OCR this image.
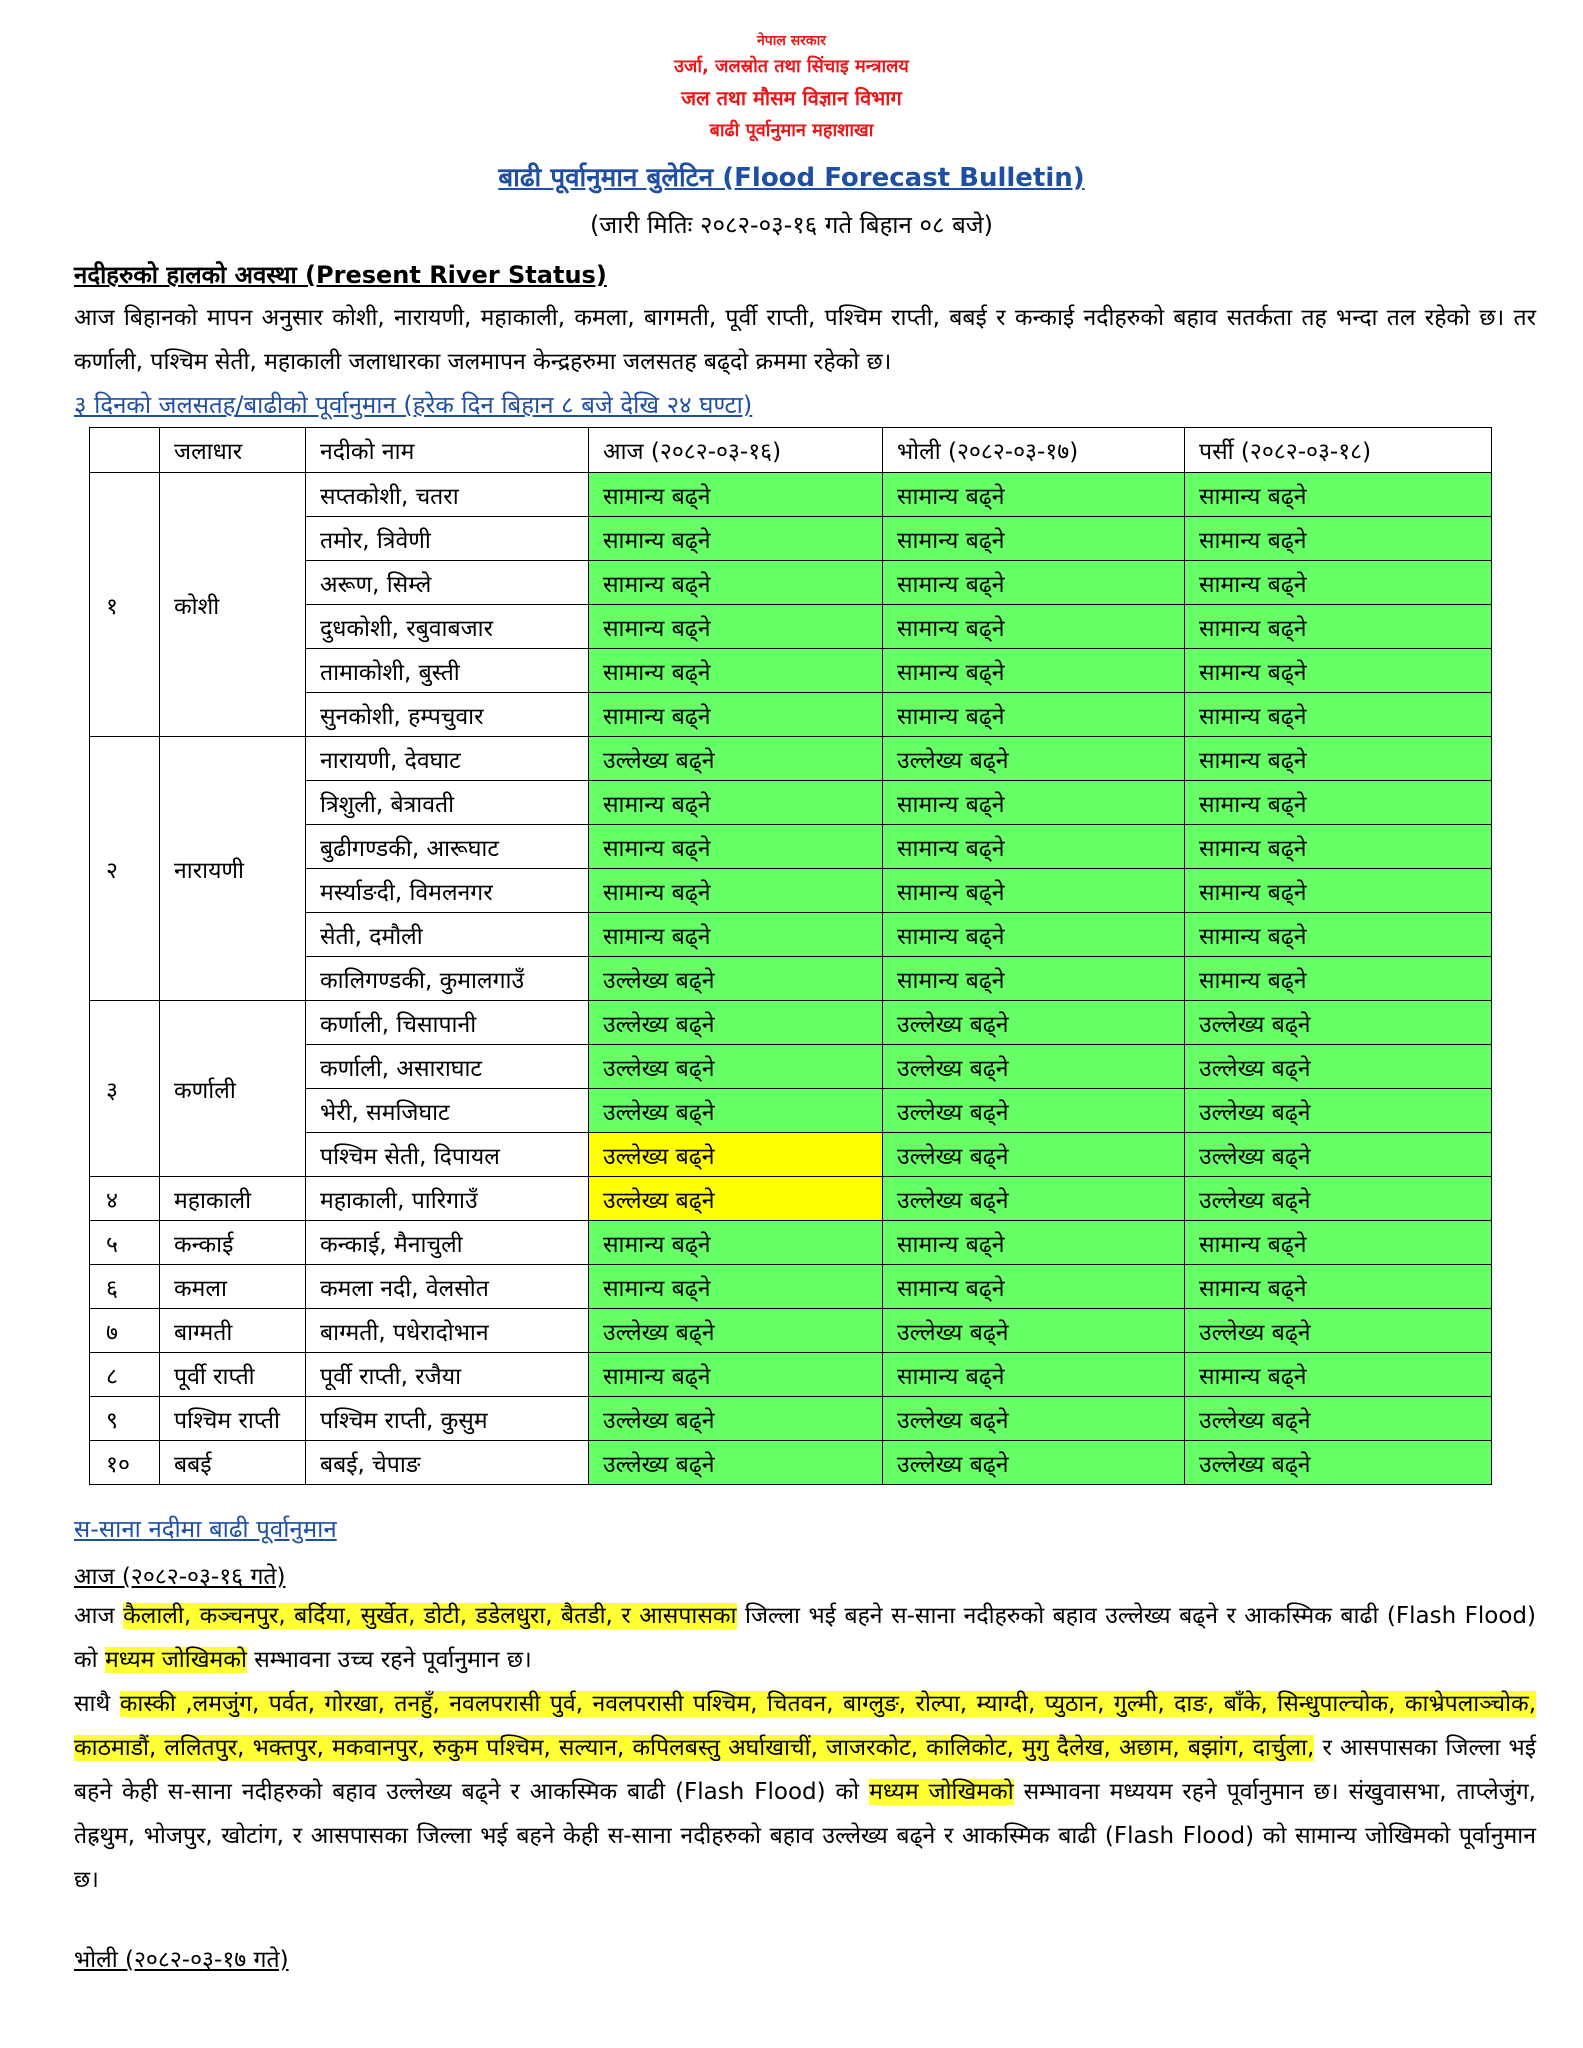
नेपाल सरकार
उर्जा, जलस्रोत तथा सिंचाइ मन्त्रालय
जल तथा मौसम विज्ञान विभाग
बाढी पूर्वानुमान महाशाखा
बाढी पूर्वानुमान बुलेटिन (Flood Forecast Bulletin)
(जारी मितिः २०८२-०३-१६ गते बिहान ०८ बजे)
नदीहरुको हालको अवस्था (Present River Status)
आज बिहानको मापन अनुसार कोशी, नारायणी, महाकाली, कमला, बागमती, पूर्वी राप्ती, पश्चिम राप्ती, बबई र कन्काई नदीहरुको बहाव सतर्कता तह भन्दा तल रहेको छ। तर कर्णाली, पश्चिम सेती, महाकाली जलाधारका जलमापन केन्द्रहरुमा जलसतह बढ्दो क्रममा रहेको छ।
३ दिनको जलसतह/बाढीको पूर्वानुमान (हरेक दिन बिहान ८ बजे देखि २४ घण्टा)
	जलाधार	नदीको नाम	आज (२०८२-०३-१६)	भोली (२०८२-०३-१७)	पर्सी (२०८२-०३-१८)
१	कोशी	सप्तकोशी, चतरा	सामान्य बढ्ने	सामान्य बढ्ने	सामान्य बढ्ने
		तमोर, त्रिवेणी	सामान्य बढ्ने	सामान्य बढ्ने	सामान्य बढ्ने
		अरूण, सिम्ले	सामान्य बढ्ने	सामान्य बढ्ने	सामान्य बढ्ने
		दुधकोशी, रबुवाबजार	सामान्य बढ्ने	सामान्य बढ्ने	सामान्य बढ्ने
		तामाकोशी, बुस्ती	सामान्य बढ्ने	सामान्य बढ्ने	सामान्य बढ्ने
		सुनकोशी, हम्पचुवार	सामान्य बढ्ने	सामान्य बढ्ने	सामान्य बढ्ने
२	नारायणी	नारायणी, देवघाट	उल्लेख्य बढ्ने	उल्लेख्य बढ्ने	सामान्य बढ्ने
		त्रिशुली, बेत्रावती	सामान्य बढ्ने	सामान्य बढ्ने	सामान्य बढ्ने
		बुढीगण्डकी, आरूघाट	सामान्य बढ्ने	सामान्य बढ्ने	सामान्य बढ्ने
		मर्स्याङदी, विमलनगर	सामान्य बढ्ने	सामान्य बढ्ने	सामान्य बढ्ने
		सेती, दमौली	सामान्य बढ्ने	सामान्य बढ्ने	सामान्य बढ्ने
		कालिगण्डकी, कुमालगाउँ	उल्लेख्य बढ्ने	सामान्य बढ्ने	सामान्य बढ्ने
३	कर्णाली	कर्णाली, चिसापानी	उल्लेख्य बढ्ने	उल्लेख्य बढ्ने	उल्लेख्य बढ्ने
		कर्णाली, असाराघाट	उल्लेख्य बढ्ने	उल्लेख्य बढ्ने	उल्लेख्य बढ्ने
		भेरी, समजिघाट	उल्लेख्य बढ्ने	उल्लेख्य बढ्ने	उल्लेख्य बढ्ने
		पश्चिम सेती, दिपायल	उल्लेख्य बढ्ने	उल्लेख्य बढ्ने	उल्लेख्य बढ्ने
४	महाकाली	महाकाली, पारिगाउँ	उल्लेख्य बढ्ने	उल्लेख्य बढ्ने	उल्लेख्य बढ्ने
५	कन्काई	कन्काई, मैनाचुली	सामान्य बढ्ने	सामान्य बढ्ने	सामान्य बढ्ने
६	कमला	कमला नदी, वेलसोत	सामान्य बढ्ने	सामान्य बढ्ने	सामान्य बढ्ने
७	बाग्मती	बाग्मती, पधेरादोभान	उल्लेख्य बढ्ने	उल्लेख्य बढ्ने	उल्लेख्य बढ्ने
८	पूर्वी राप्ती	पूर्वी राप्ती, रजैया	सामान्य बढ्ने	सामान्य बढ्ने	सामान्य बढ्ने
९	पश्चिम राप्ती	पश्चिम राप्ती, कुसुम	उल्लेख्य बढ्ने	उल्लेख्य बढ्ने	उल्लेख्य बढ्ने
१०	बबई	बबई, चेपाङ	उल्लेख्य बढ्ने	उल्लेख्य बढ्ने	उल्लेख्य बढ्ने
स-साना नदीमा बाढी पूर्वानुमान
आज (२०८२-०३-१६ गते)
आज कैलाली, कञ्चनपुर, बर्दिया, सुर्खेत, डोटी, डडेलधुरा, बैतडी, र आसपासका जिल्ला भई बहने स-साना नदीहरुको बहाव उल्लेख्य बढ्ने र आकस्मिक बाढी (Flash Flood) को मध्यम जोखिमको सम्भावना उच्च रहने पूर्वानुमान छ।
साथै कास्की ,लमजुंग, पर्वत, गोरखा, तनहुँ, नवलपरासी पुर्व, नवलपरासी पश्चिम, चितवन, बाग्लुङ, रोल्पा, म्याग्दी, प्युठान, गुल्मी, दाङ, बाँके, सिन्धुपाल्चोक, काभ्रेपलाञ्चोक, काठमाडौं, ललितपुर, भक्तपुर, मकवानपुर, रुकुम पश्चिम, सल्यान, कपिलबस्तु अर्घाखाचीं, जाजरकोट, कालिकोट, मुगु दैलेख, अछाम, बझांग, दार्चुला, र आसपासका जिल्ला भई बहने केही स-साना नदीहरुको बहाव उल्लेख्य बढ्ने र आकस्मिक बाढी (Flash Flood) को मध्यम जोखिमको सम्भावना मध्ययम रहने पूर्वानुमान छ। संखुवासभा, ताप्लेजुंग, तेह्रथुम, भोजपुर, खोटांग, र आसपासका जिल्ला भई बहने केही स-साना नदीहरुको बहाव उल्लेख्य बढ्ने र आकस्मिक बाढी (Flash Flood) को सामान्य जोखिमको पूर्वानुमान छ।
भोली (२०८२-०३-१७ गते)
